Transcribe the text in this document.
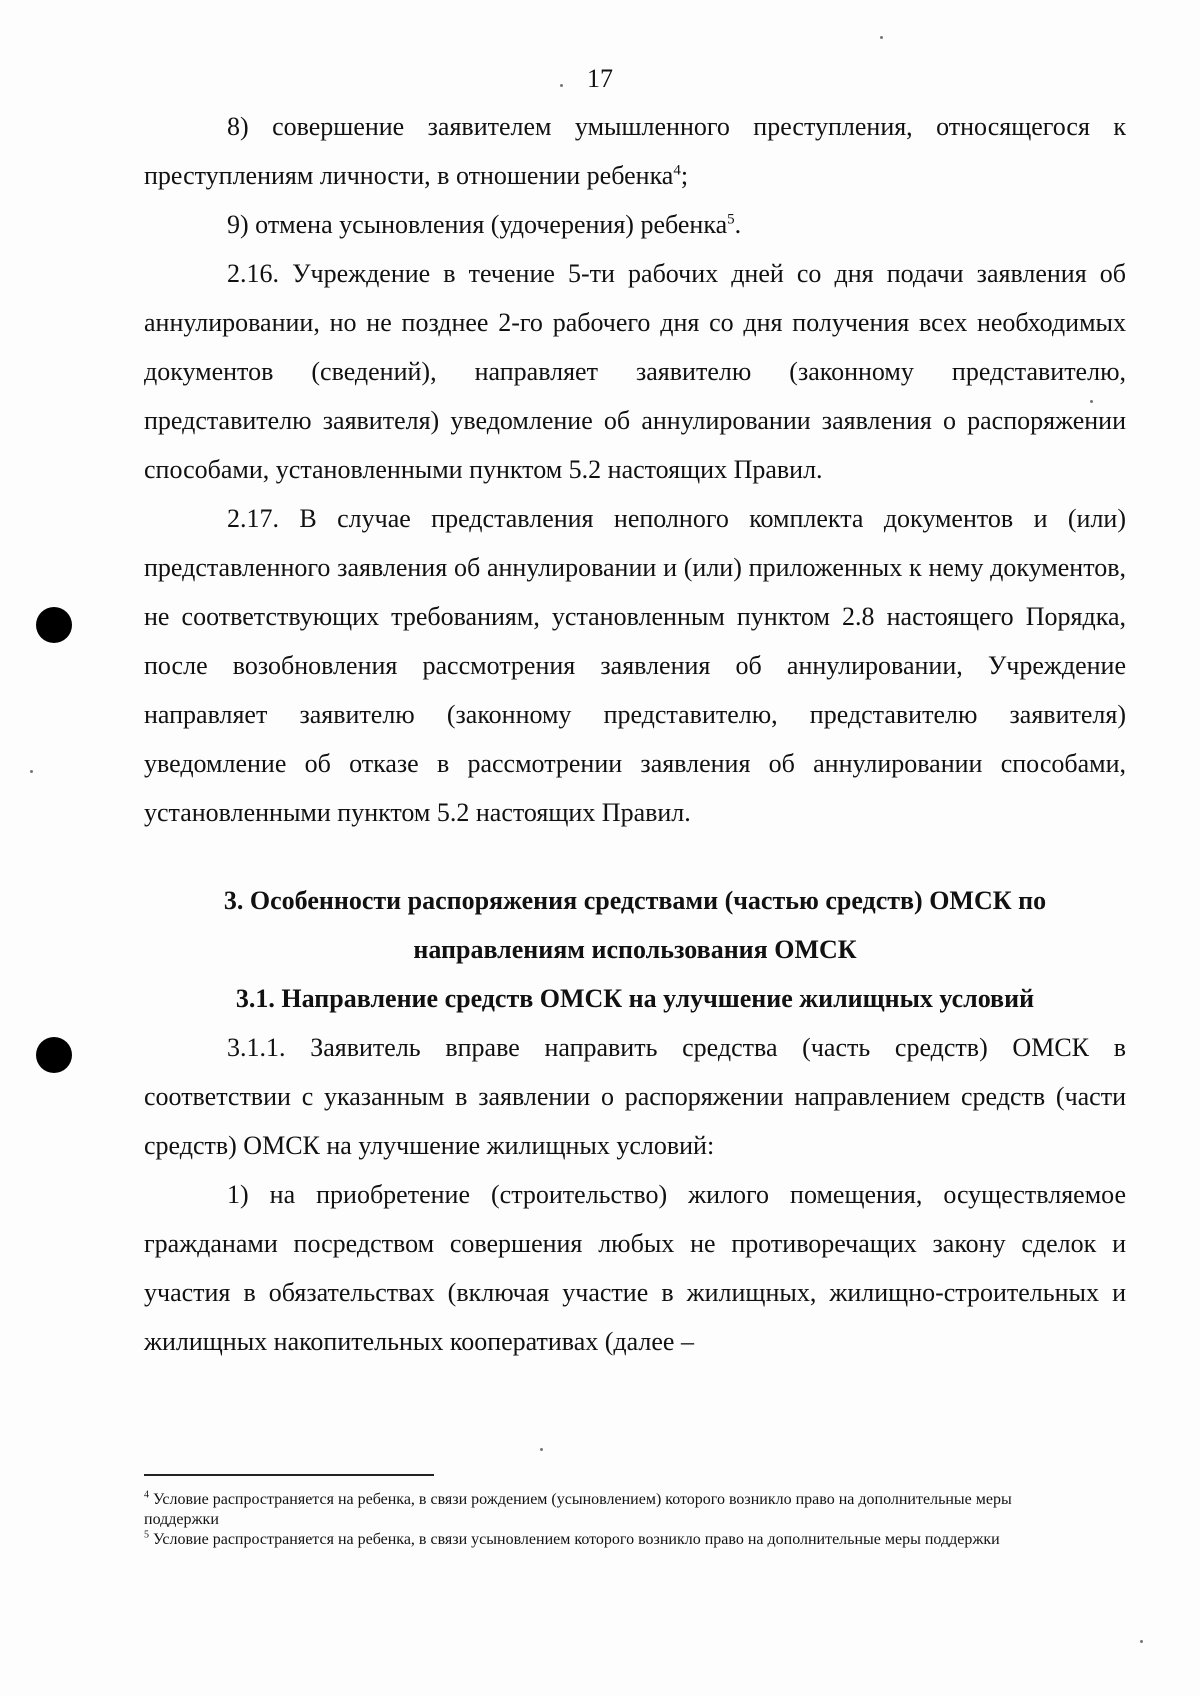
17

8) совершение заявителем умышленного преступления, относящегося к преступлениям личности, в отношении ребенка$^4$;

9) отмена усыновления (удочерения) ребенка$^5$.

2.16. Учреждение в течение 5-ти рабочих дней со дня подачи заявления об аннулировании, но не позднее 2-го рабочего дня со дня получения всех необходимых документов (сведений), направляет заявителю (законному представителю, представителю заявителя) уведомление об аннулировании заявления о распоряжении способами, установленными пунктом 5.2 настоящих Правил.

2.17. В случае представления неполного комплекта документов и (или) представленного заявления об аннулировании и (или) приложенных к нему документов, не соответствующих требованиям, установленным пунктом 2.8 настоящего Порядка, после возобновления рассмотрения заявления об аннулировании, Учреждение направляет заявителю (законному представителю, представителю заявителя) уведомление об отказе в рассмотрении заявления об аннулировании способами, установленными пунктом 5.2 настоящих Правил.

3. Особенности распоряжения средствами (частью средств) ОМСК по направлениям использования ОМСК

3.1. Направление средств ОМСК на улучшение жилищных условий

3.1.1. Заявитель вправе направить средства (часть средств) ОМСК в соответствии с указанным в заявлении о распоряжении направлением средств (части средств) ОМСК на улучшение жилищных условий:

1) на приобретение (строительство) жилого помещения, осуществляемое гражданами посредством совершения любых не противоречащих закону сделок и участия в обязательствах (включая участие в жилищных, жилищно-строительных и жилищных накопительных кооперативах (далее –

$^4$ Условие распространяется на ребенка, в связи рождением (усыновлением) которого возникло право на дополнительные меры поддержки

$^5$ Условие распространяется на ребенка, в связи усыновлением которого возникло право на дополнительные меры поддержки
